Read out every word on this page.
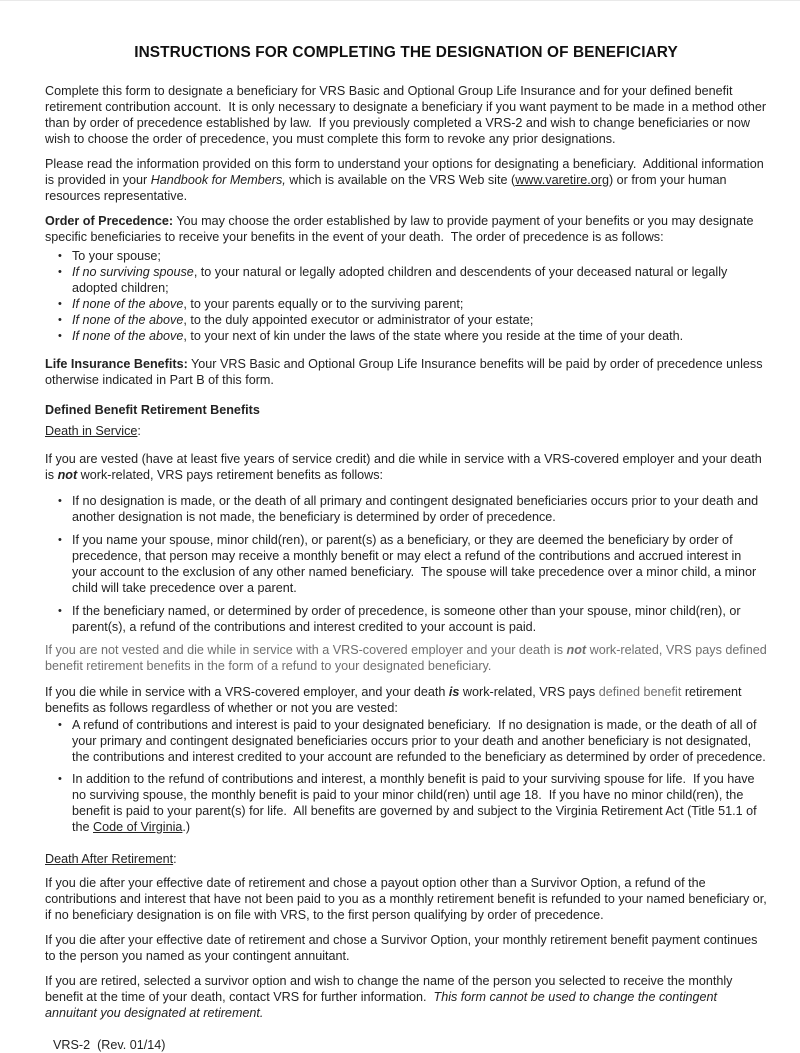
INSTRUCTIONS FOR COMPLETING THE DESIGNATION OF BENEFICIARY

Complete this form to designate a beneficiary for VRS Basic and Optional Group Life Insurance and for your defined benefit retirement contribution account.  It is only necessary to designate a beneficiary if you want payment to be made in a method other than by order of precedence established by law.  If you previously completed a VRS-2 and wish to change beneficiaries or now wish to choose the order of precedence, you must complete this form to revoke any prior designations.

Please read the information provided on this form to understand your options for designating a beneficiary.  Additional information is provided in your Handbook for Members, which is available on the VRS Web site (www.varetire.org) or from your human resources representative.

Order of Precedence: You may choose the order established by law to provide payment of your benefits or you may designate specific beneficiaries to receive your benefits in the event of your death.  The order of precedence is as follows:

• To your spouse;
• If no surviving spouse, to your natural or legally adopted children and descendents of your deceased natural or legally adopted children;
• If none of the above, to your parents equally or to the surviving parent;
• If none of the above, to the duly appointed executor or administrator of your estate;
• If none of the above, to your next of kin under the laws of the state where you reside at the time of your death.

Life Insurance Benefits: Your VRS Basic and Optional Group Life Insurance benefits will be paid by order of precedence unless otherwise indicated in Part B of this form.

Defined Benefit Retirement Benefits
Death in Service:

If you are vested (have at least five years of service credit) and die while in service with a VRS-covered employer and your death is not work-related, VRS pays retirement benefits as follows:

• If no designation is made, or the death of all primary and contingent designated beneficiaries occurs prior to your death and another designation is not made, the beneficiary is determined by order of precedence.
• If you name your spouse, minor child(ren), or parent(s) as a beneficiary, or they are deemed the beneficiary by order of precedence, that person may receive a monthly benefit or may elect a refund of the contributions and accrued interest in your account to the exclusion of any other named beneficiary.  The spouse will take precedence over a minor child, a minor child will take precedence over a parent.
• If the beneficiary named, or determined by order of precedence, is someone other than your spouse, minor child(ren), or parent(s), a refund of the contributions and interest credited to your account is paid.

If you are not vested and die while in service with a VRS-covered employer and your death is not work-related, VRS pays defined benefit retirement benefits in the form of a refund to your designated beneficiary.

If you die while in service with a VRS-covered employer, and your death is work-related, VRS pays defined benefit retirement benefits as follows regardless of whether or not you are vested:

• A refund of contributions and interest is paid to your designated beneficiary.  If no designation is made, or the death of all of your primary and contingent designated beneficiaries occurs prior to your death and another beneficiary is not designated, the contributions and interest credited to your account are refunded to the beneficiary as determined by order of precedence.
• In addition to the refund of contributions and interest, a monthly benefit is paid to your surviving spouse for life.  If you have no surviving spouse, the monthly benefit is paid to your minor child(ren) until age 18.  If you have no minor child(ren), the benefit is paid to your parent(s) for life.  All benefits are governed by and subject to the Virginia Retirement Act (Title 51.1 of the Code of Virginia.)
Death After Retirement:

If you die after your effective date of retirement and chose a payout option other than a Survivor Option, a refund of the contributions and interest that have not been paid to you as a monthly retirement benefit is refunded to your named beneficiary or, if no beneficiary designation is on file with VRS, to the first person qualifying by order of precedence.

If you die after your effective date of retirement and chose a Survivor Option, your monthly retirement benefit payment continues to the person you named as your contingent annuitant.

If you are retired, selected a survivor option and wish to change the name of the person you selected to receive the monthly benefit at the time of your death, contact VRS for further information.  This form cannot be used to change the contingent annuitant you designated at retirement.

VRS-2  (Rev. 01/14)
